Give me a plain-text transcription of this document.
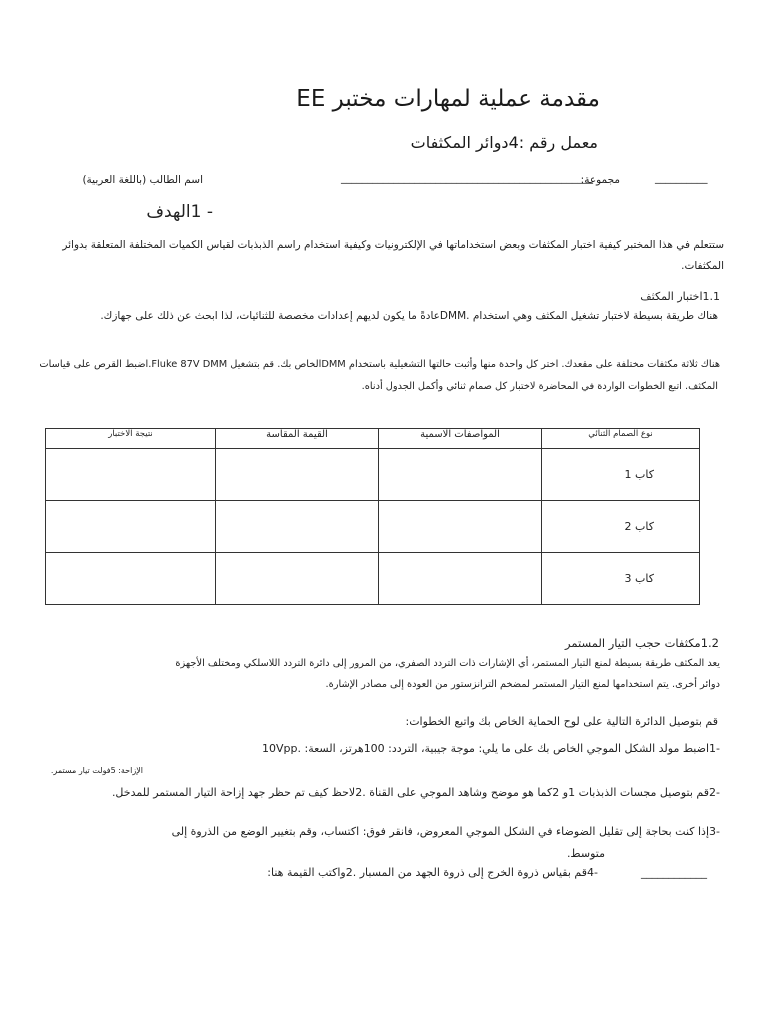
مقدمة عملية لمهارات مختبر EE
معمل رقم :4دوائر المكثفات
اسم الطالب (باللغة العربية)	________________________________________________
مجموعة:	__________
- 1الهدف
ستتعلم في هذا المختبر كيفية اختبار المكثفات وبعض استخداماتها في الإلكترونيات وكيفية استخدام راسم الذبذبات لقياس الكميات المختلفة المتعلقة بدوائر
المكثفات.
1.1اختبار المكثف
هناك طريقة بسيطة لاختبار تشغيل المكثف وهي استخدام .DMMعادةً ما يكون لديهم إعدادات مخصصة للثنائيات، لذا ابحث عن ذلك على جهازك.
هناك ثلاثة مكثفات مختلفة على مقعدك. اختر كل واحدة منها وأثبت حالتها التشغيلية باستخدام DMMالخاص بك. قم بتشغيل Fluke 87V DMM.اضبط القرص على قياسات
المكثف. اتبع الخطوات الواردة في المحاضرة لاختبار كل صمام ثنائي وأكمل الجدول أدناه.
نوع الصمام الثنائي	المواصفات الاسمية	القيمة المقاسة	نتيجة الاختبار
كاب 1			
كاب 2			
كاب 3			
1.2مكثفات حجب التيار المستمر
يعد المكثف طريقة بسيطة لمنع التيار المستمر، أي الإشارات ذات التردد الصفري، من المرور إلى دائرة التردد اللاسلكي ومختلف الأجهزة
دوائر أخرى. يتم استخدامها لمنع التيار المستمر لمضخم الترانزستور من العودة إلى مصادر الإشارة.
قم بتوصيل الدائرة التالية على لوح الحماية الخاص بك واتبع الخطوات:
-1اضبط مولد الشكل الموجي الخاص بك على ما يلي: موجة جيبية، التردد: 100هرتز، السعة: .10Vpp
الإزاحة: 5فولت تيار مستمر.
-2قم بتوصيل مجسات الذبذبات 1و 2كما هو موضح وشاهد الموجي على القناة .2لاحظ كيف تم حظر جهد إزاحة التيار المستمر للمدخل.
-3إذا كنت بحاجة إلى تقليل الضوضاء في الشكل الموجي المعروض، فانقر فوق: اكتساب، وقم بتغيير الوضع من الذروة إلى
متوسط.
-4قم بقياس ذروة الخرج إلى ذروة الجهد من المسبار .2واكتب القيمة هنا:	____________
